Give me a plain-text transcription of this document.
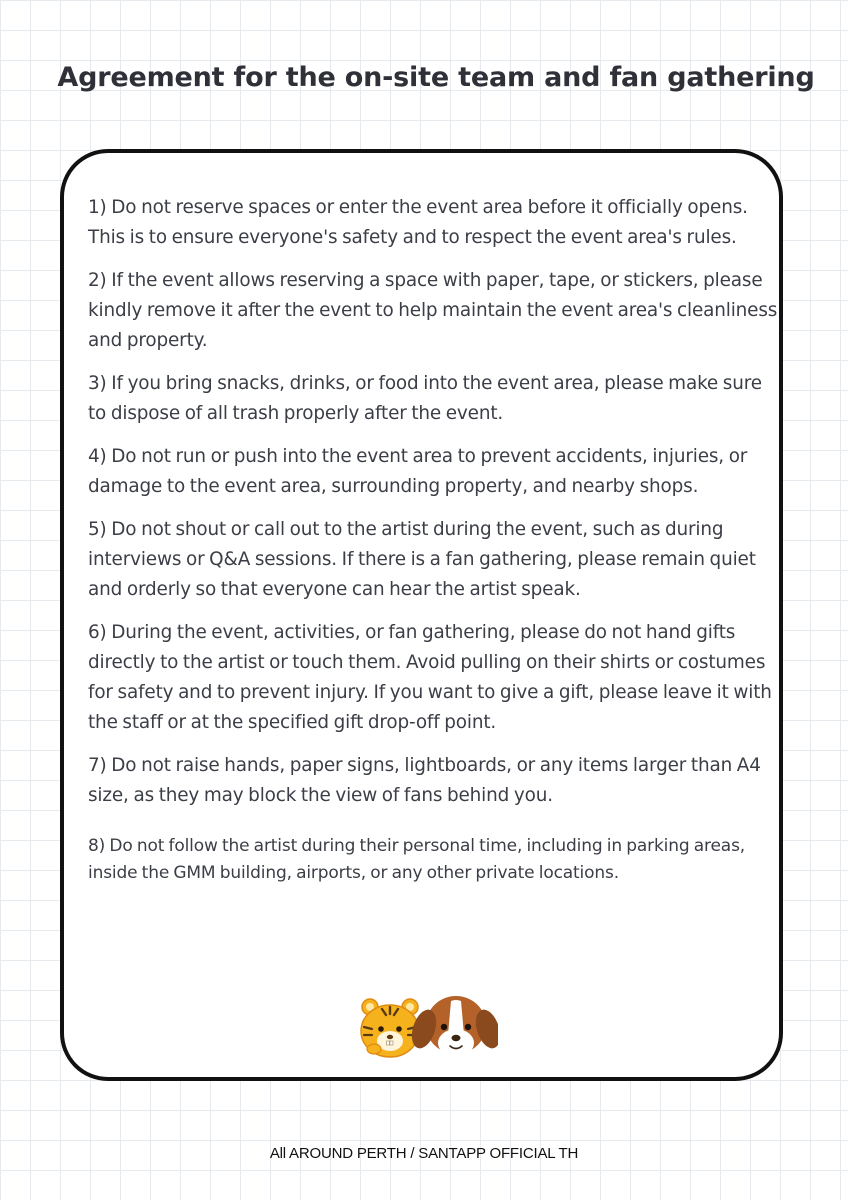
Agreement for the on-site team and fan gathering

1) Do not reserve spaces or enter the event area before it officially opens. This is to ensure everyone's safety and to respect the event area's rules.

2) If the event allows reserving a space with paper, tape, or stickers, please kindly remove it after the event to help maintain the event area's cleanliness and property.

3) If you bring snacks, drinks, or food into the event area, please make sure to dispose of all trash properly after the event.

4) Do not run or push into the event area to prevent accidents, injuries, or damage to the event area, surrounding property, and nearby shops.

5) Do not shout or call out to the artist during the event, such as during interviews or Q&A sessions. If there is a fan gathering, please remain quiet and orderly so that everyone can hear the artist speak.

6) During the event, activities, or fan gathering, please do not hand gifts directly to the artist or touch them. Avoid pulling on their shirts or costumes for safety and to prevent injury. If you want to give a gift, please leave it with the staff or at the specified gift drop-off point.

7) Do not raise hands, paper signs, lightboards, or any items larger than A4 size, as they may block the view of fans behind you.

8) Do not follow the artist during their personal time, including in parking areas, inside the GMM building, airports, or any other private locations.

All AROUND PERTH / SANTAPP OFFICIAL TH
